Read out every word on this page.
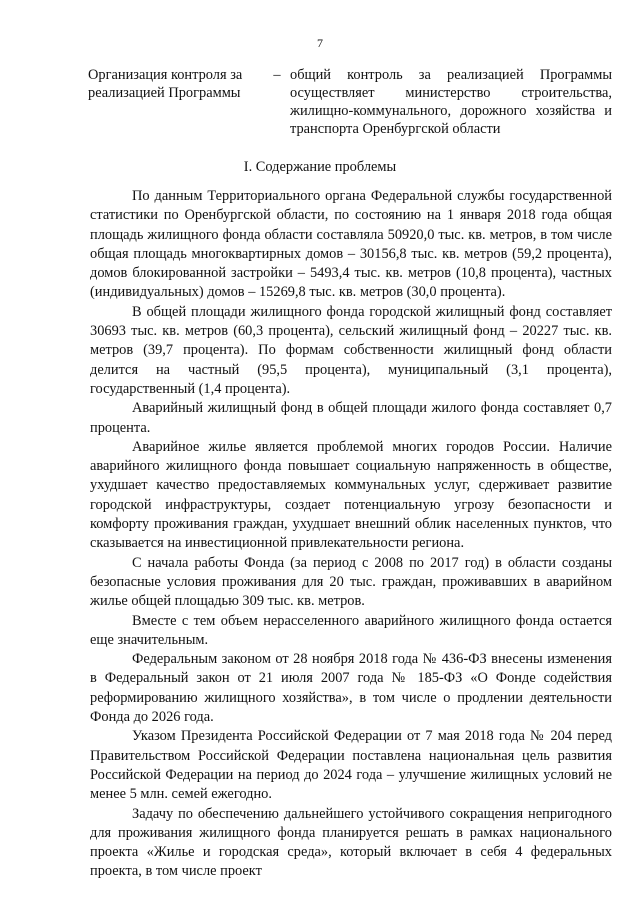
7
Организация контроля за реализацией Программы
– общий контроль за реализацией Программы осуществляет министерство строительства, жилищно-коммунального, дорожного хозяйства и транспорта Оренбургской области
I. Содержание проблемы

По данным Территориального органа Федеральной службы государственной статистики по Оренбургской области, по состоянию на 1 января 2018 года общая площадь жилищного фонда области составляла 50920,0 тыс. кв. метров, в том числе общая площадь многоквартирных домов – 30156,8 тыс. кв. метров (59,2 процента), домов блокированной застройки – 5493,4 тыс. кв. метров (10,8 процента), частных (индивидуальных) домов – 15269,8 тыс. кв. метров (30,0 процента).

В общей площади жилищного фонда городской жилищный фонд составляет 30693 тыс. кв. метров (60,3 процента), сельский жилищный фонд – 20227 тыс. кв. метров (39,7 процента). По формам собственности жилищный фонд области делится на частный (95,5 процента), муниципальный (3,1 процента), государственный (1,4 процента).

Аварийный жилищный фонд в общей площади жилого фонда составляет 0,7 процента.

Аварийное жилье является проблемой многих городов России. Наличие аварийного жилищного фонда повышает социальную напряженность в обществе, ухудшает качество предоставляемых коммунальных услуг, сдерживает развитие городской инфраструктуры, создает потенциальную угрозу безопасности и комфорту проживания граждан, ухудшает внешний облик населенных пунктов, что сказывается на инвестиционной привлекательности региона.

С начала работы Фонда (за период с 2008 по 2017 год) в области созданы безопасные условия проживания для 20 тыс. граждан, проживавших в аварийном жилье общей площадью 309 тыс. кв. метров.

Вместе с тем объем нерасселенного аварийного жилищного фонда остается еще значительным.

Федеральным законом от 28 ноября 2018 года № 436-ФЗ внесены изменения в Федеральный закон от 21 июля 2007 года № 185-ФЗ «О Фонде содействия реформированию жилищного хозяйства», в том числе о продлении деятельности Фонда до 2026 года.

Указом Президента Российской Федерации от 7 мая 2018 года № 204 перед Правительством Российской Федерации поставлена национальная цель развития Российской Федерации на период до 2024 года – улучшение жилищных условий не менее 5 млн. семей ежегодно.

Задачу по обеспечению дальнейшего устойчивого сокращения непригодного для проживания жилищного фонда планируется решать в рамках национального проекта «Жилье и городская среда», который включает в себя 4 федеральных проекта, в том числе проект
